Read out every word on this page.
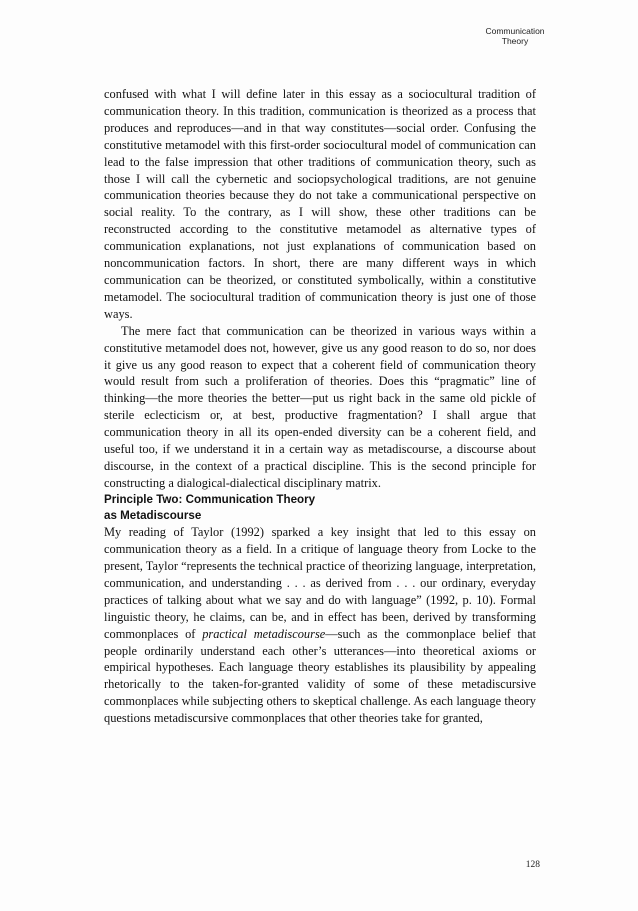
Communication
Theory

confused with what I will define later in this essay as a sociocultural tradition of communication theory. In this tradition, communication is theorized as a process that produces and reproduces—and in that way constitutes—social order. Confusing the constitutive metamodel with this first-order sociocultural model of communication can lead to the false impression that other traditions of communication theory, such as those I will call the cybernetic and sociopsychological traditions, are not genuine communication theories because they do not take a communicational perspective on social reality. To the contrary, as I will show, these other traditions can be reconstructed according to the constitutive metamodel as alternative types of communication explanations, not just explanations of communication based on noncommunication factors. In short, there are many different ways in which communication can be theorized, or constituted symbolically, within a constitutive metamodel. The sociocultural tradition of communication theory is just one of those ways.

The mere fact that communication can be theorized in various ways within a constitutive metamodel does not, however, give us any good reason to do so, nor does it give us any good reason to expect that a coherent field of communication theory would result from such a proliferation of theories. Does this “pragmatic” line of thinking—the more theories the better—put us right back in the same old pickle of sterile eclecticism or, at best, productive fragmentation? I shall argue that communication theory in all its open-ended diversity can be a coherent field, and useful too, if we understand it in a certain way as metadiscourse, a discourse about discourse, in the context of a practical discipline. This is the second principle for constructing a dialogical-dialectical disciplinary matrix.

Principle Two: Communication Theory
as Metadiscourse

My reading of Taylor (1992) sparked a key insight that led to this essay on communication theory as a field. In a critique of language theory from Locke to the present, Taylor “represents the technical practice of theorizing language, interpretation, communication, and understanding . . . as derived from . . . our ordinary, everyday practices of talking about what we say and do with language” (1992, p. 10). Formal linguistic theory, he claims, can be, and in effect has been, derived by transforming commonplaces of practical metadiscourse—such as the commonplace belief that people ordinarily understand each other’s utterances—into theoretical axioms or empirical hypotheses. Each language theory establishes its plausibility by appealing rhetorically to the taken-for-granted validity of some of these metadiscursive commonplaces while subjecting others to skeptical challenge. As each language theory questions metadiscursive commonplaces that other theories take for granted,

128
